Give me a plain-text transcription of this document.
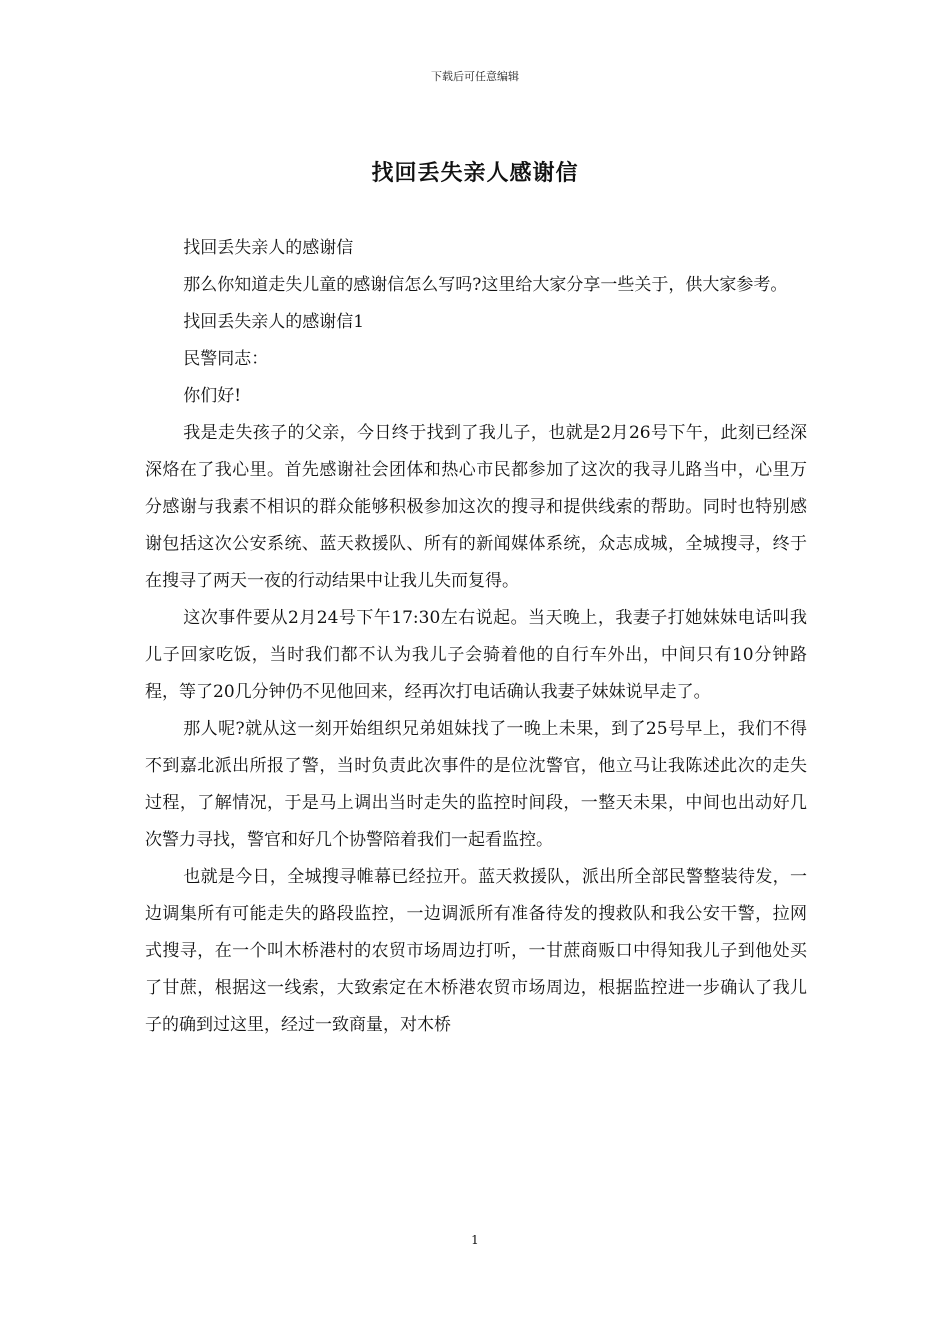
下载后可任意编辑
找回丢失亲人感谢信

找回丢失亲人的感谢信

那么你知道走失儿童的感谢信怎么写吗?这里给大家分享一些关于，供大家参考。

找回丢失亲人的感谢信1

民警同志：

你们好!

我是走失孩子的父亲，今日终于找到了我儿子，也就是2月26号下午，此刻已经深深烙在了我心里。首先感谢社会团体和热心市民都参加了这次的我寻儿路当中，心里万分感谢与我素不相识的群众能够积极参加这次的搜寻和提供线索的帮助。同时也特别感谢包括这次公安系统、蓝天救援队、所有的新闻媒体系统，众志成城，全城搜寻，终于在搜寻了两天一夜的行动结果中让我儿失而复得。

这次事件要从2月24号下午17:30左右说起。当天晚上，我妻子打她妹妹电话叫我儿子回家吃饭，当时我们都不认为我儿子会骑着他的自行车外出，中间只有10分钟路程，等了20几分钟仍不见他回来，经再次打电话确认我妻子妹妹说早走了。

那人呢?就从这一刻开始组织兄弟姐妹找了一晚上未果，到了25号早上，我们不得不到嘉北派出所报了警，当时负责此次事件的是位沈警官，他立马让我陈述此次的走失过程，了解情况，于是马上调出当时走失的监控时间段，一整天未果，中间也出动好几次警力寻找，警官和好几个协警陪着我们一起看监控。

也就是今日，全城搜寻帷幕已经拉开。蓝天救援队，派出所全部民警整装待发，一边调集所有可能走失的路段监控，一边调派所有准备待发的搜救队和我公安干警，拉网式搜寻，在一个叫木桥港村的农贸市场周边打听，一甘蔗商贩口中得知我儿子到他处买了甘蔗，根据这一线索，大致索定在木桥港农贸市场周边，根据监控进一步确认了我儿子的确到过这里，经过一致商量，对木桥

1
